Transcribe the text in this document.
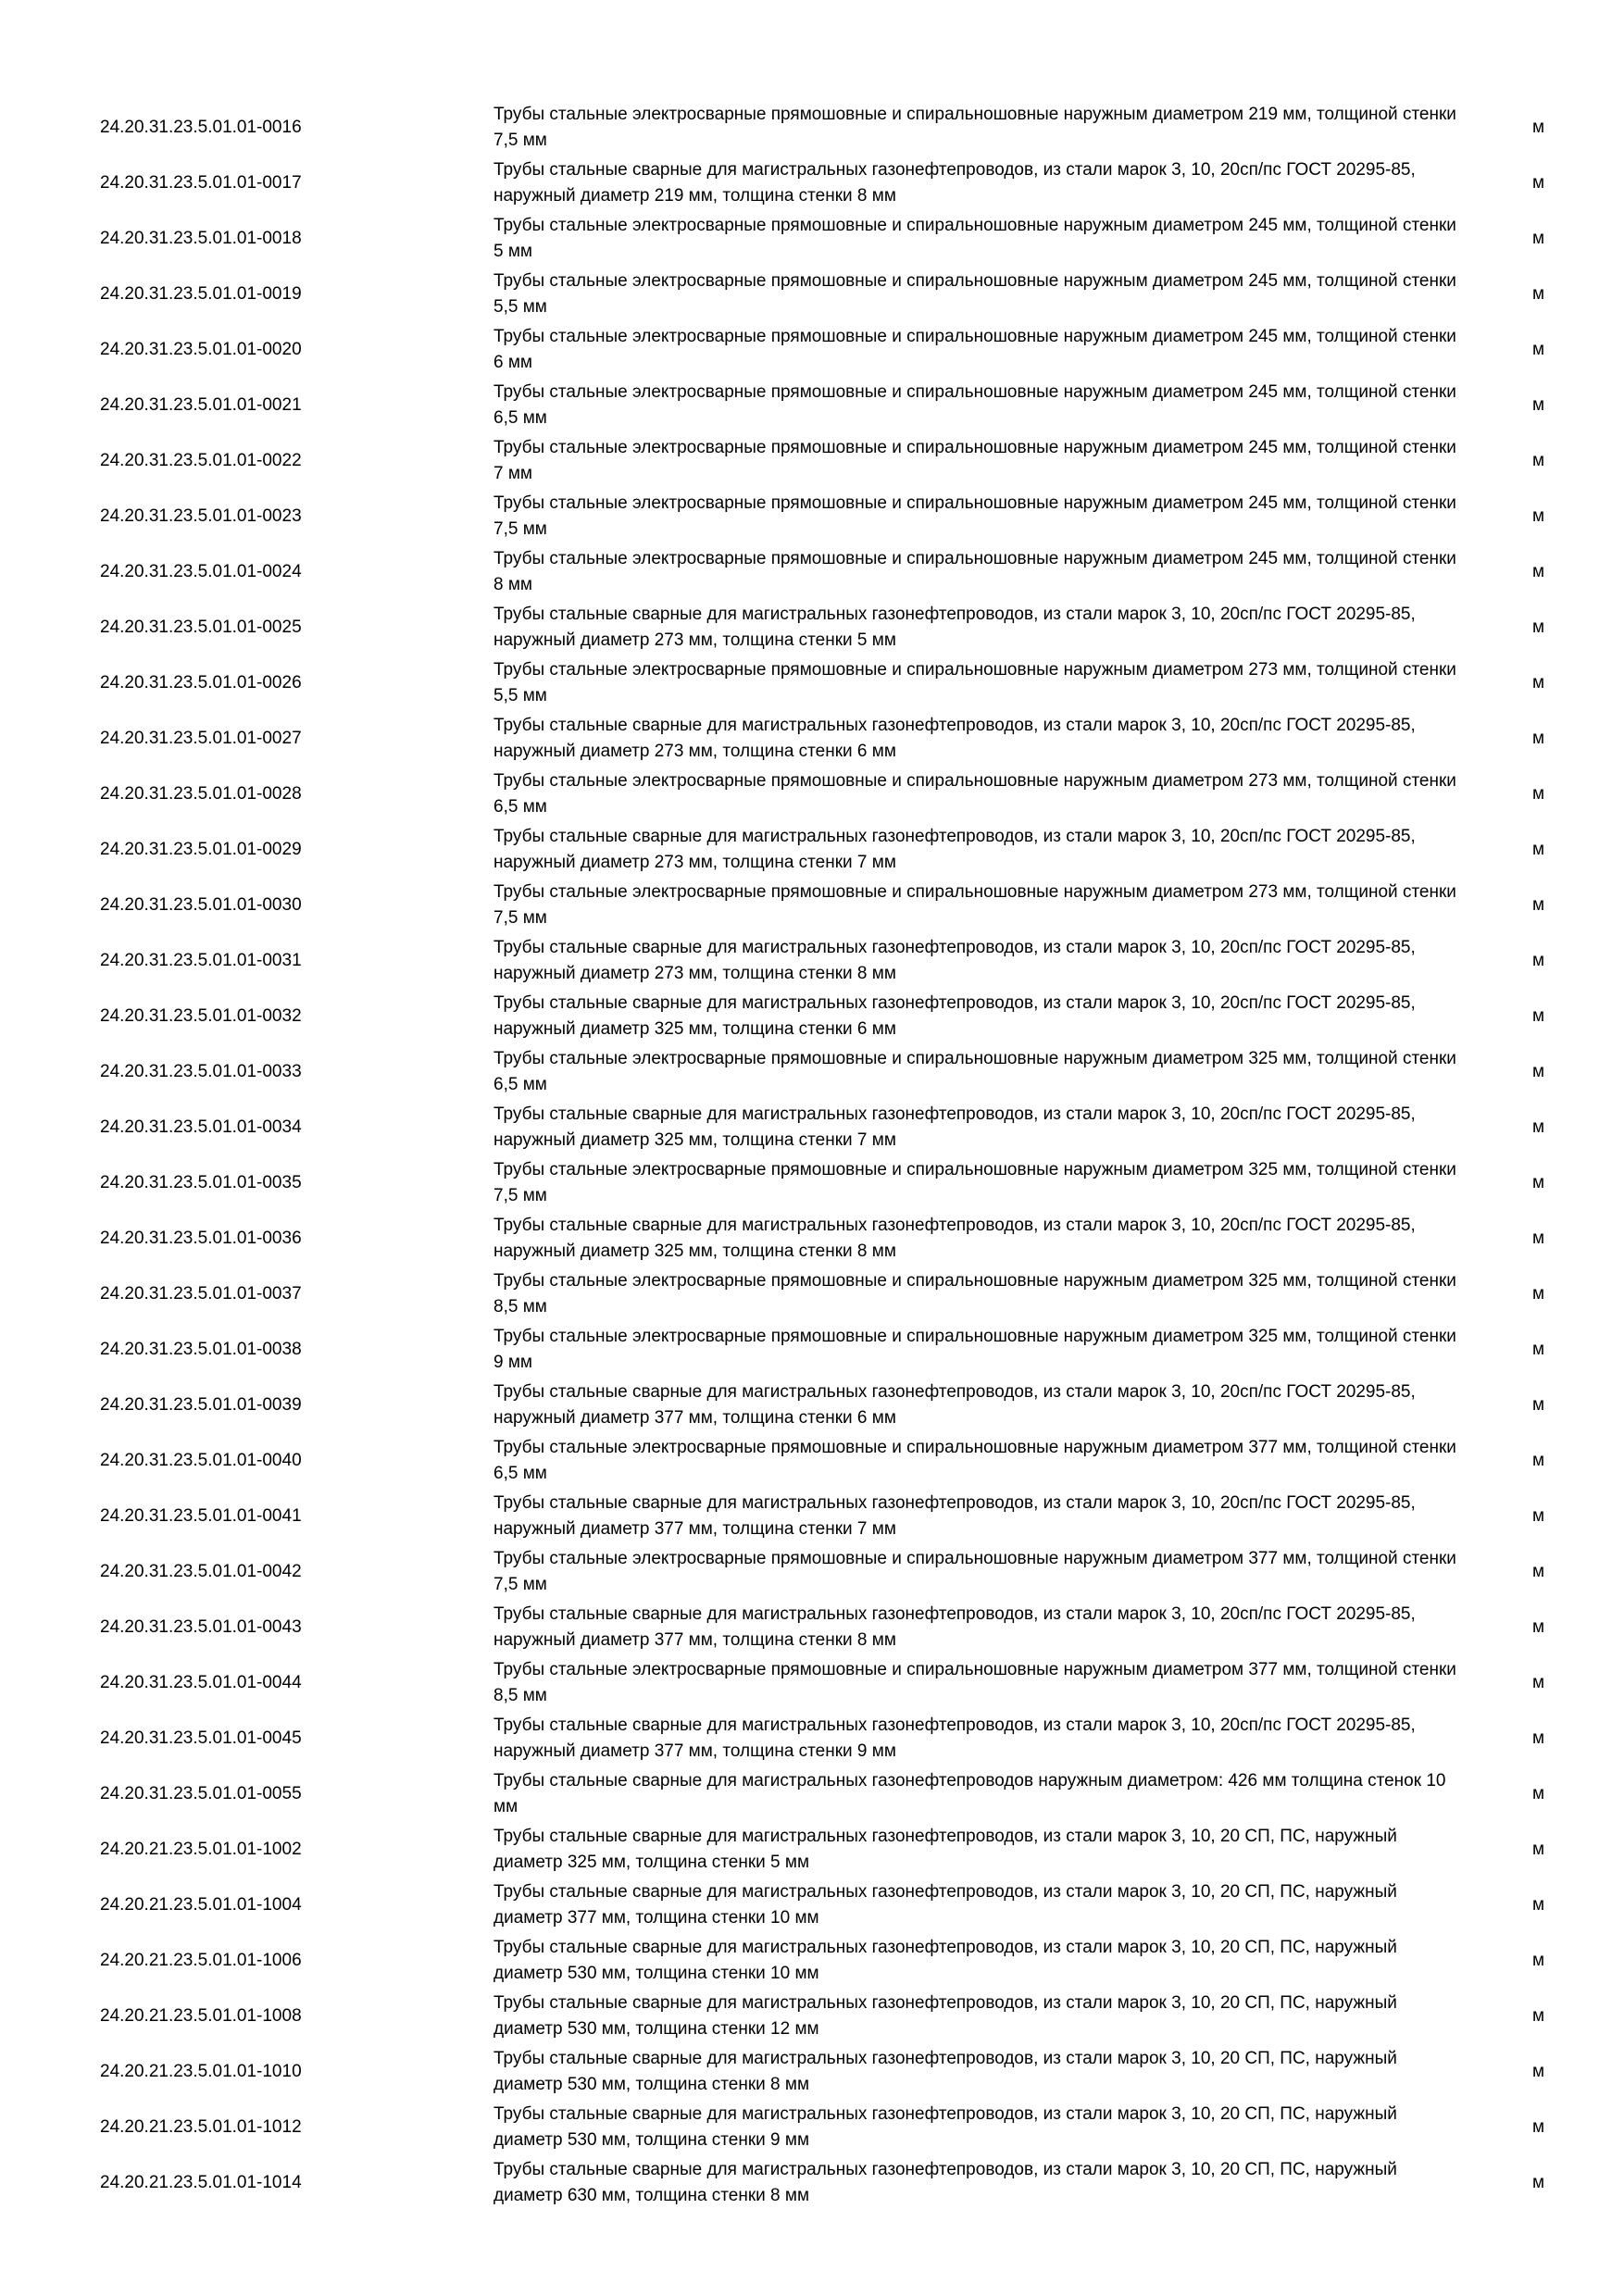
24.20.31.23.5.01.01-0016	Трубы стальные электросварные прямошовные и спиральношовные наружным диаметром 219 мм, толщиной стенки 7,5 мм	м
24.20.31.23.5.01.01-0017	Трубы стальные сварные для магистральных газонефтепроводов, из стали марок 3, 10, 20сп/пс ГОСТ 20295-85, наружный диаметр 219 мм, толщина стенки 8 мм	м
24.20.31.23.5.01.01-0018	Трубы стальные электросварные прямошовные и спиральношовные наружным диаметром 245 мм, толщиной стенки 5 мм	м
24.20.31.23.5.01.01-0019	Трубы стальные электросварные прямошовные и спиральношовные наружным диаметром 245 мм, толщиной стенки 5,5 мм	м
24.20.31.23.5.01.01-0020	Трубы стальные электросварные прямошовные и спиральношовные наружным диаметром 245 мм, толщиной стенки 6 мм	м
24.20.31.23.5.01.01-0021	Трубы стальные электросварные прямошовные и спиральношовные наружным диаметром 245 мм, толщиной стенки 6,5 мм	м
24.20.31.23.5.01.01-0022	Трубы стальные электросварные прямошовные и спиральношовные наружным диаметром 245 мм, толщиной стенки 7 мм	м
24.20.31.23.5.01.01-0023	Трубы стальные электросварные прямошовные и спиральношовные наружным диаметром 245 мм, толщиной стенки 7,5 мм	м
24.20.31.23.5.01.01-0024	Трубы стальные электросварные прямошовные и спиральношовные наружным диаметром 245 мм, толщиной стенки 8 мм	м
24.20.31.23.5.01.01-0025	Трубы стальные сварные для магистральных газонефтепроводов, из стали марок 3, 10, 20сп/пс ГОСТ 20295-85, наружный диаметр 273 мм, толщина стенки 5 мм	м
24.20.31.23.5.01.01-0026	Трубы стальные электросварные прямошовные и спиральношовные наружным диаметром 273 мм, толщиной стенки 5,5 мм	м
24.20.31.23.5.01.01-0027	Трубы стальные сварные для магистральных газонефтепроводов, из стали марок 3, 10, 20сп/пс ГОСТ 20295-85, наружный диаметр 273 мм, толщина стенки 6 мм	м
24.20.31.23.5.01.01-0028	Трубы стальные электросварные прямошовные и спиральношовные наружным диаметром 273 мм, толщиной стенки 6,5 мм	м
24.20.31.23.5.01.01-0029	Трубы стальные сварные для магистральных газонефтепроводов, из стали марок 3, 10, 20сп/пс ГОСТ 20295-85, наружный диаметр 273 мм, толщина стенки 7 мм	м
24.20.31.23.5.01.01-0030	Трубы стальные электросварные прямошовные и спиральношовные наружным диаметром 273 мм, толщиной стенки 7,5 мм	м
24.20.31.23.5.01.01-0031	Трубы стальные сварные для магистральных газонефтепроводов, из стали марок 3, 10, 20сп/пс ГОСТ 20295-85, наружный диаметр 273 мм, толщина стенки 8 мм	м
24.20.31.23.5.01.01-0032	Трубы стальные сварные для магистральных газонефтепроводов, из стали марок 3, 10, 20сп/пс ГОСТ 20295-85, наружный диаметр 325 мм, толщина стенки 6 мм	м
24.20.31.23.5.01.01-0033	Трубы стальные электросварные прямошовные и спиральношовные наружным диаметром 325 мм, толщиной стенки 6,5 мм	м
24.20.31.23.5.01.01-0034	Трубы стальные сварные для магистральных газонефтепроводов, из стали марок 3, 10, 20сп/пс ГОСТ 20295-85, наружный диаметр 325 мм, толщина стенки 7 мм	м
24.20.31.23.5.01.01-0035	Трубы стальные электросварные прямошовные и спиральношовные наружным диаметром 325 мм, толщиной стенки 7,5 мм	м
24.20.31.23.5.01.01-0036	Трубы стальные сварные для магистральных газонефтепроводов, из стали марок 3, 10, 20сп/пс ГОСТ 20295-85, наружный диаметр 325 мм, толщина стенки 8 мм	м
24.20.31.23.5.01.01-0037	Трубы стальные электросварные прямошовные и спиральношовные наружным диаметром 325 мм, толщиной стенки 8,5 мм	м
24.20.31.23.5.01.01-0038	Трубы стальные электросварные прямошовные и спиральношовные наружным диаметром 325 мм, толщиной стенки 9 мм	м
24.20.31.23.5.01.01-0039	Трубы стальные сварные для магистральных газонефтепроводов, из стали марок 3, 10, 20сп/пс ГОСТ 20295-85, наружный диаметр 377 мм, толщина стенки 6 мм	м
24.20.31.23.5.01.01-0040	Трубы стальные электросварные прямошовные и спиральношовные наружным диаметром 377 мм, толщиной стенки 6,5 мм	м
24.20.31.23.5.01.01-0041	Трубы стальные сварные для магистральных газонефтепроводов, из стали марок 3, 10, 20сп/пс ГОСТ 20295-85, наружный диаметр 377 мм, толщина стенки 7 мм	м
24.20.31.23.5.01.01-0042	Трубы стальные электросварные прямошовные и спиральношовные наружным диаметром 377 мм, толщиной стенки 7,5 мм	м
24.20.31.23.5.01.01-0043	Трубы стальные сварные для магистральных газонефтепроводов, из стали марок 3, 10, 20сп/пс ГОСТ 20295-85, наружный диаметр 377 мм, толщина стенки 8 мм	м
24.20.31.23.5.01.01-0044	Трубы стальные электросварные прямошовные и спиральношовные наружным диаметром 377 мм, толщиной стенки 8,5 мм	м
24.20.31.23.5.01.01-0045	Трубы стальные сварные для магистральных газонефтепроводов, из стали марок 3, 10, 20сп/пс ГОСТ 20295-85, наружный диаметр 377 мм, толщина стенки 9 мм	м
24.20.31.23.5.01.01-0055	Трубы стальные сварные для магистральных газонефтепроводов наружным диаметром: 426 мм толщина стенок 10 мм	м
24.20.21.23.5.01.01-1002	Трубы стальные сварные для магистральных газонефтепроводов, из стали марок 3, 10, 20 СП, ПС, наружный диаметр 325 мм, толщина стенки 5 мм	м
24.20.21.23.5.01.01-1004	Трубы стальные сварные для магистральных газонефтепроводов, из стали марок 3, 10, 20 СП, ПС, наружный диаметр 377 мм, толщина стенки 10 мм	м
24.20.21.23.5.01.01-1006	Трубы стальные сварные для магистральных газонефтепроводов, из стали марок 3, 10, 20 СП, ПС, наружный диаметр 530 мм, толщина стенки 10 мм	м
24.20.21.23.5.01.01-1008	Трубы стальные сварные для магистральных газонефтепроводов, из стали марок 3, 10, 20 СП, ПС, наружный диаметр 530 мм, толщина стенки 12 мм	м
24.20.21.23.5.01.01-1010	Трубы стальные сварные для магистральных газонефтепроводов, из стали марок 3, 10, 20 СП, ПС, наружный диаметр 530 мм, толщина стенки 8 мм	м
24.20.21.23.5.01.01-1012	Трубы стальные сварные для магистральных газонефтепроводов, из стали марок 3, 10, 20 СП, ПС, наружный диаметр 530 мм, толщина стенки 9 мм	м
24.20.21.23.5.01.01-1014	Трубы стальные сварные для магистральных газонефтепроводов, из стали марок 3, 10, 20 СП, ПС, наружный диаметр 630 мм, толщина стенки 8 мм	м
